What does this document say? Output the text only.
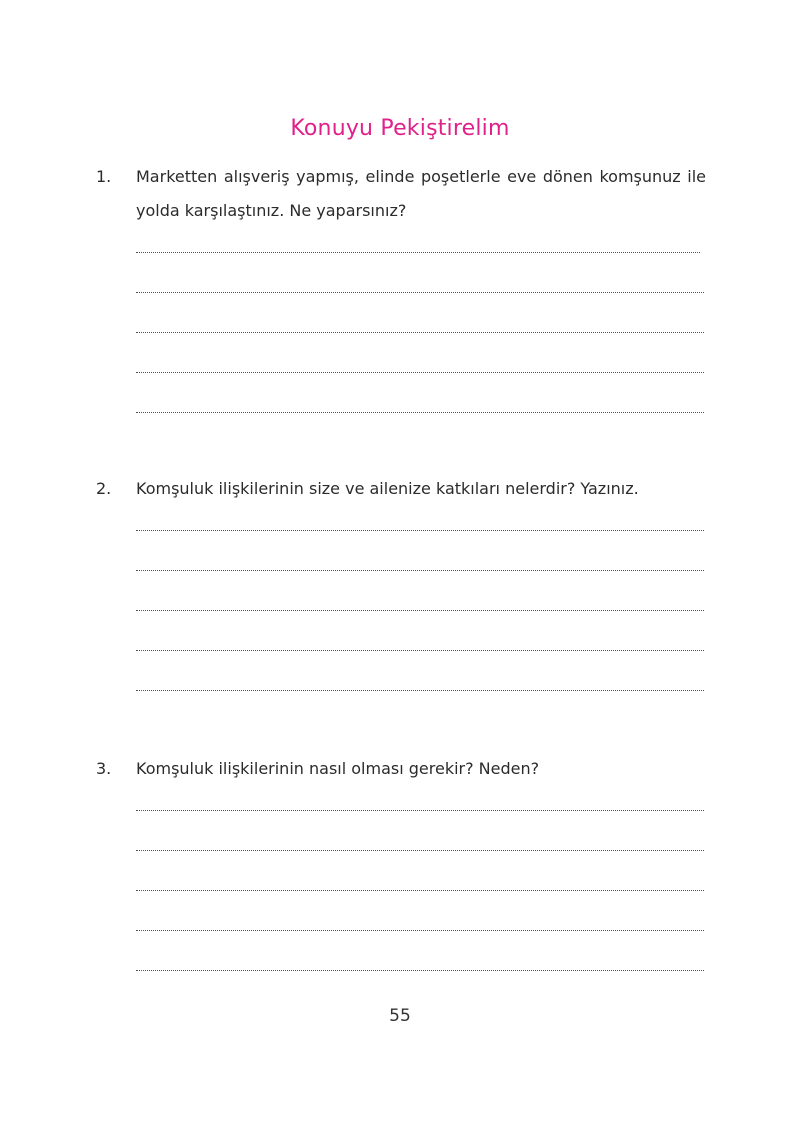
Konuyu Pekiştirelim
1. Marketten alışveriş yapmış, elinde poşetlerle eve dönen komşunuz ile yolda karşılaştınız. Ne yaparsınız?
2. Komşuluk ilişkilerinin size ve ailenize katkıları nelerdir? Yazınız.
3. Komşuluk ilişkilerinin nasıl olması gerekir? Neden?
55
